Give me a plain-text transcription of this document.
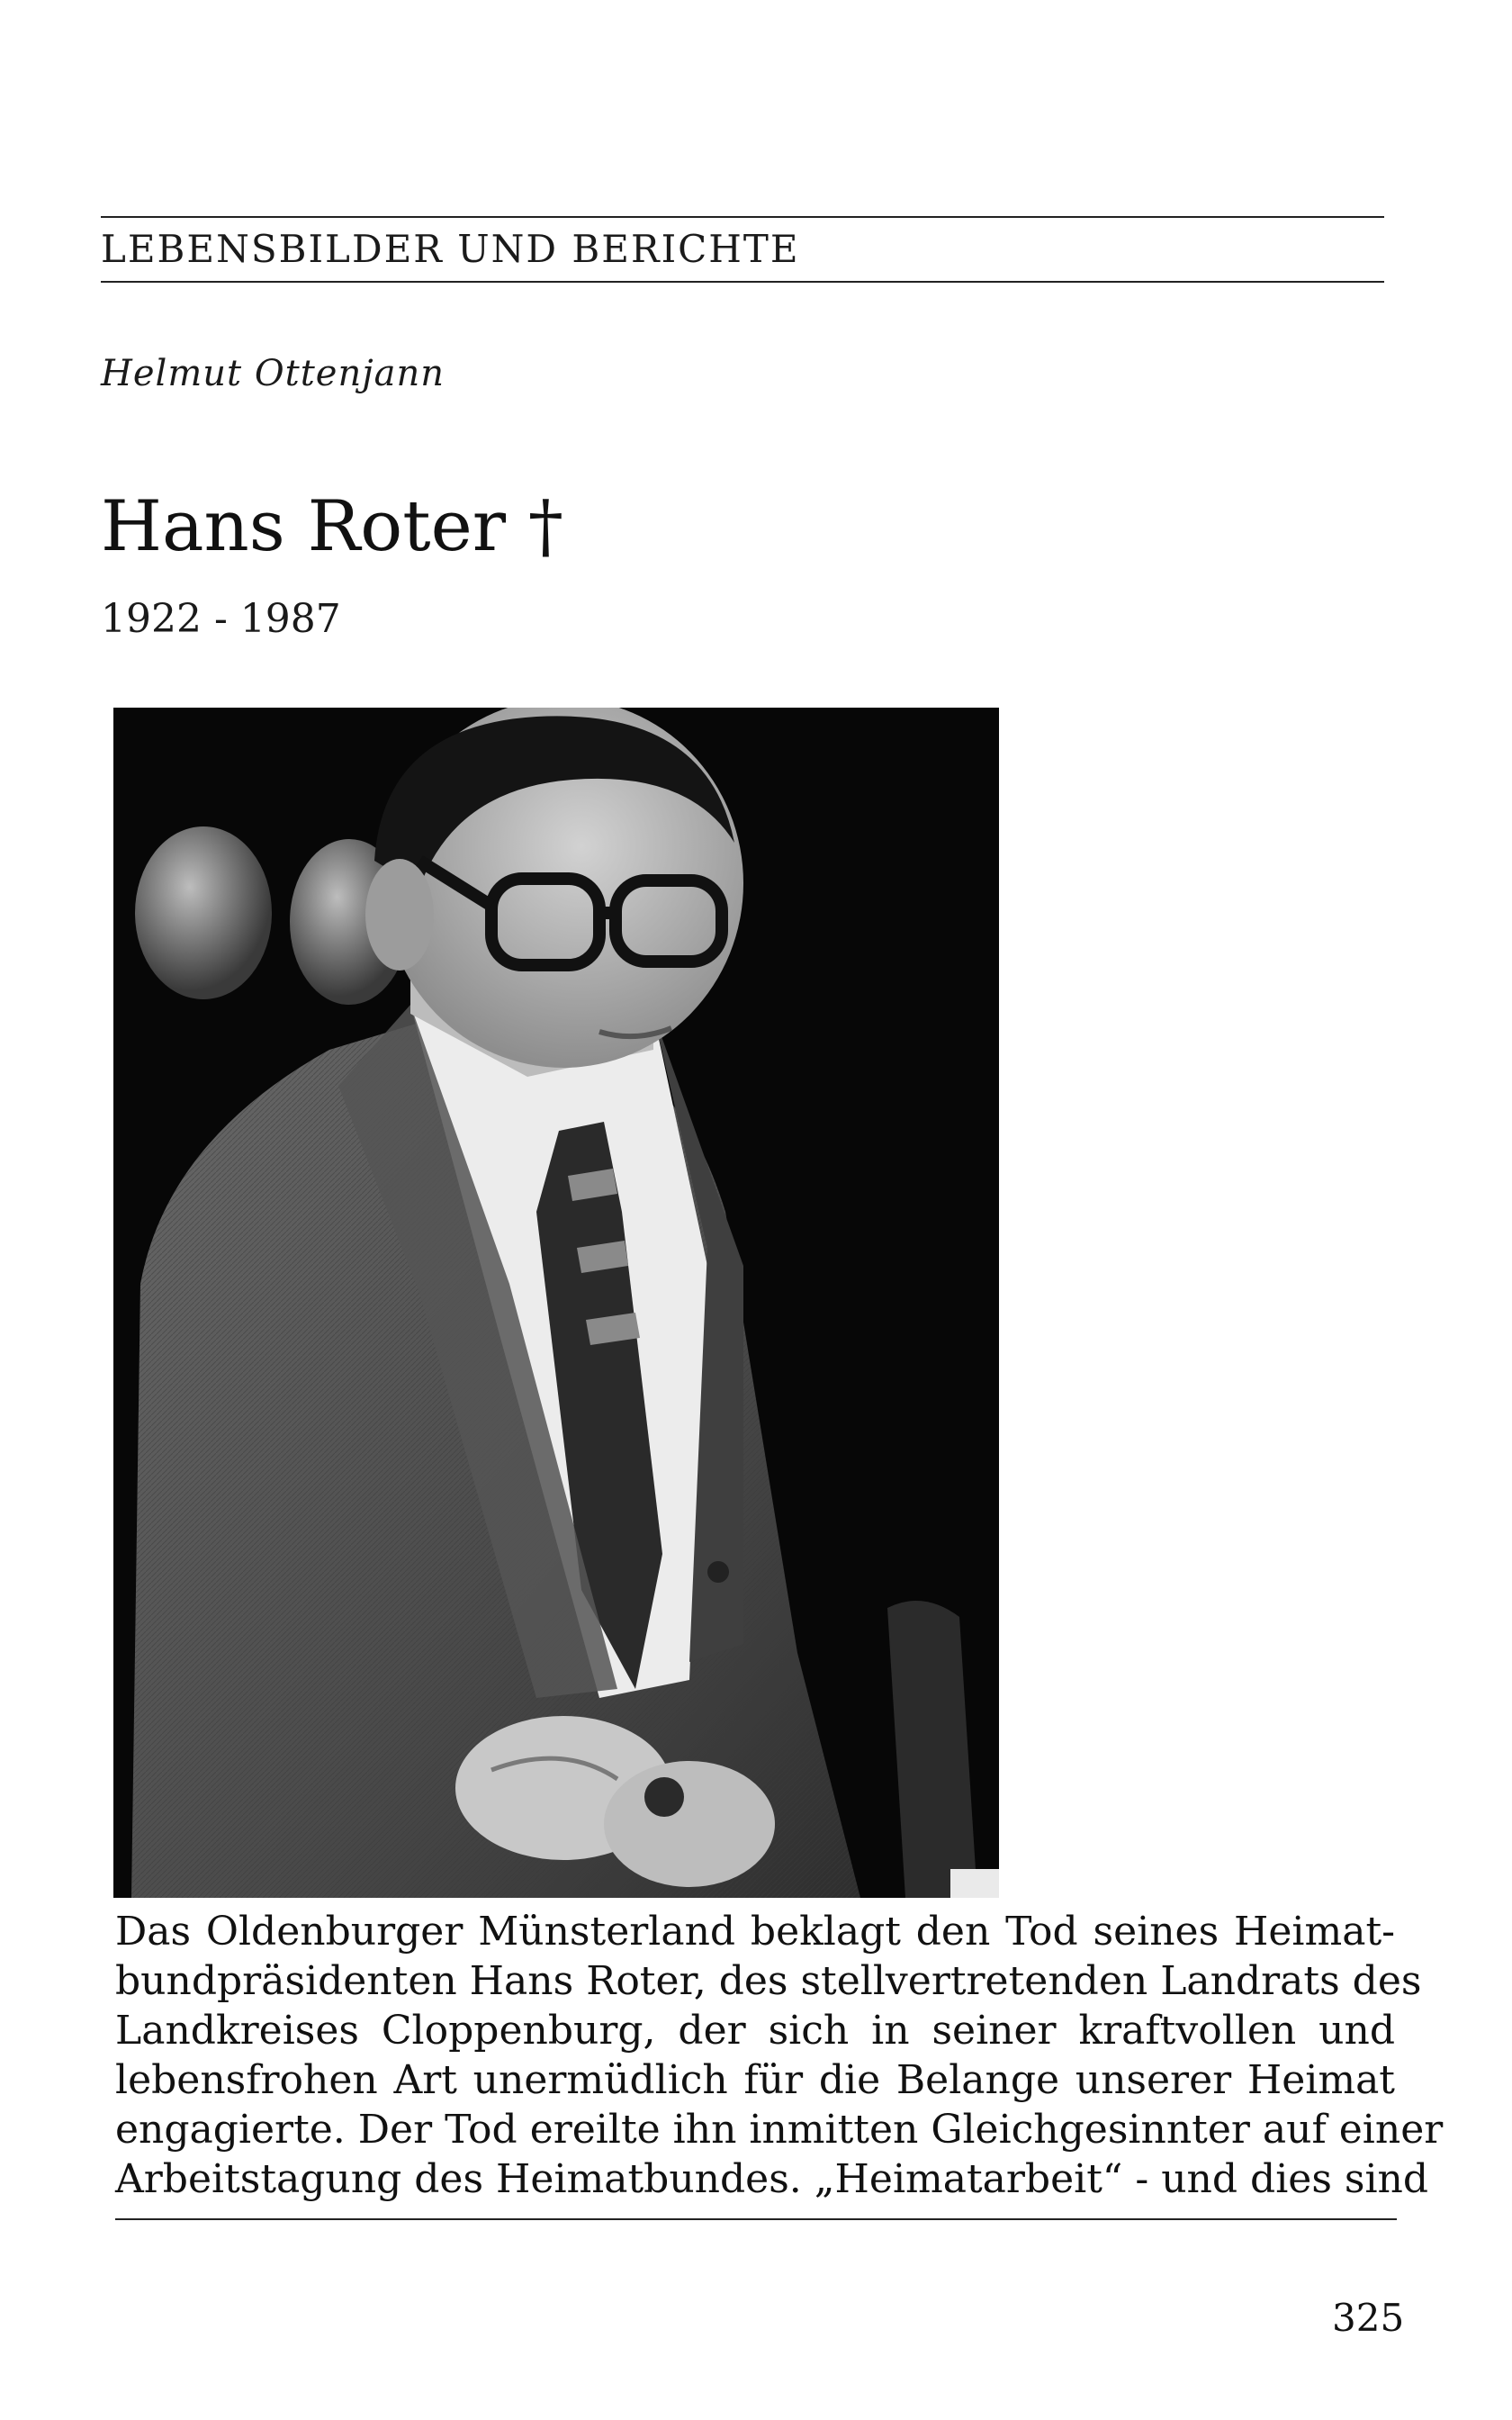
LEBENSBILDER UND BERICHTE
Helmut Ottenjann
Hans Roter †
1922 - 1987
Das Oldenburger Münsterland beklagt den Tod seines Heimat-
bundpräsidenten Hans Roter, des stellvertretenden Landrats des
Landkreises Cloppenburg, der sich in seiner kraftvollen und
lebensfrohen Art unermüdlich für die Belange unserer Heimat
engagierte. Der Tod ereilte ihn inmitten Gleichgesinnter auf einer
Arbeitstagung des Heimatbundes. „Heimatarbeit“ - und dies sind
325
